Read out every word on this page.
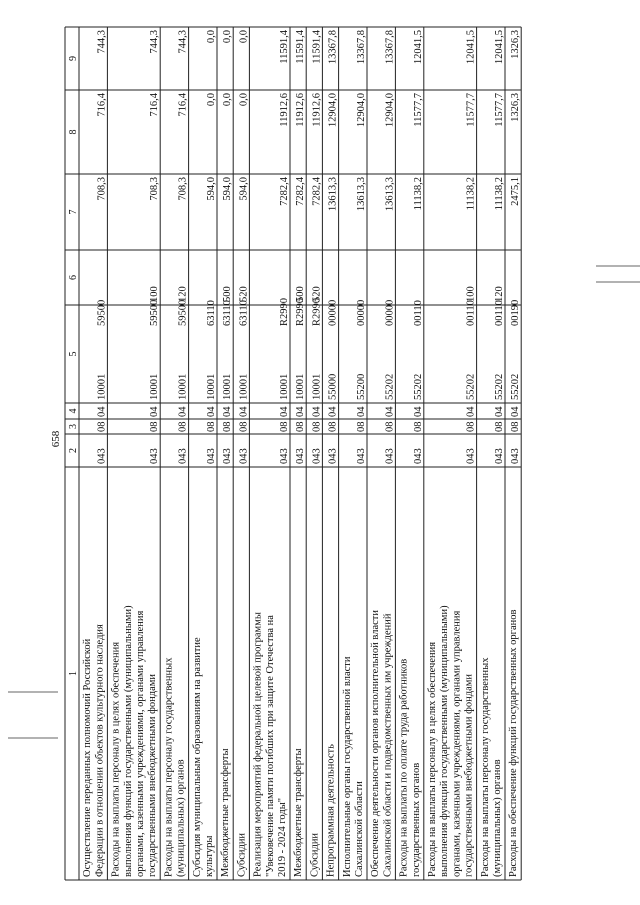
658
1
2
3
4
5
6
7
8
9
Осуществление переданных полномочий Российской Федерации в отношении объектов культурного наследия
043
08
04
10001
59500
708,3
716,4
744,3
Расходы на выплаты персоналу в целях обеспечения выполнения функций государственными (муниципальными) органами, казенными учреждениями, органами управления государственными внебюджетными фондами
043
08
04
10001
59500
100
708,3
716,4
744,3
Расходы на выплаты персоналу государственных (муниципальных) органов
043
08
04
10001
59500
120
708,3
716,4
744,3
Субсидия муниципальным образованиям на развитие культуры
043
08
04
10001
63110
594,0
0,0
0,0
Межбюджетные трансферты
043
08
04
10001
63110
500
594,0
0,0
0,0
Субсидии
043
08
04
10001
63110
520
594,0
0,0
0,0
Реализация мероприятий федеральной целевой программы "Увековечение памяти погибших при защите Отечества на 2019 - 2024 годы"
043
08
04
10001
R2990
7282,4
11912,6
11591,4
Межбюджетные трансферты
043
08
04
10001
R2990
500
7282,4
11912,6
11591,4
Субсидии
043
08
04
10001
R2990
520
7282,4
11912,6
11591,4
Непрограммная деятельность
043
08
04
55000
00000
13613,3
12904,0
13367,8
Исполнительные органы государственной власти Сахалинской области
043
08
04
55200
00000
13613,3
12904,0
13367,8
Обеспечение деятельности органов исполнительной власти Сахалинской области и подведомственных им учреждений
043
08
04
55202
00000
13613,3
12904,0
13367,8
Расходы на выплаты по оплате труда работников государственных органов
043
08
04
55202
00110
11138,2
11577,7
12041,5
Расходы на выплаты персоналу в целях обеспечения выполнения функций государственными (муниципальными) органами, казенными учреждениями, органами управления государственными внебюджетными фондами
043
08
04
55202
00110
100
11138,2
11577,7
12041,5
Расходы на выплаты персоналу государственных (муниципальных) органов
043
08
04
55202
00110
120
11138,2
11577,7
12041,5
Расходы на обеспечение функций государственных органов
043
08
04
55202
00190
2475,1
1326,3
1326,3
